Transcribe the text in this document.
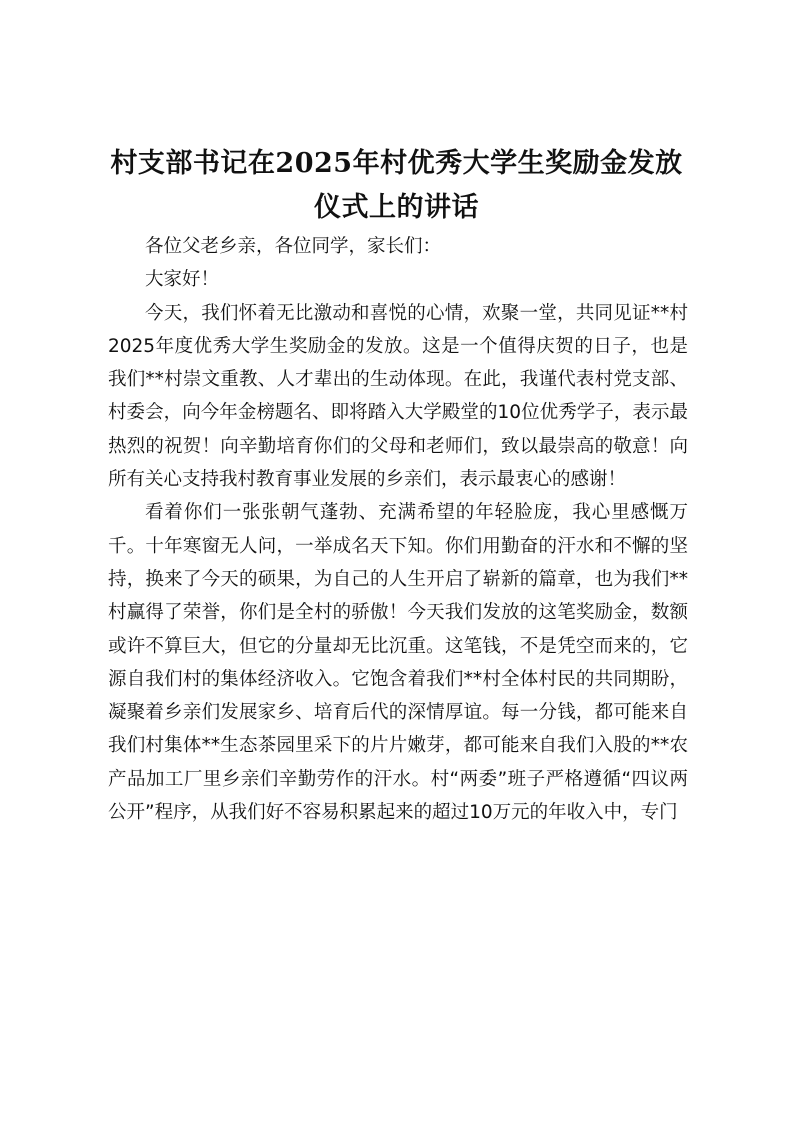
村支部书记在2025年村优秀大学生奖励金发放仪式上的讲话

各位父老乡亲，各位同学，家长们：

大家好！

今天，我们怀着无比激动和喜悦的心情，欢聚一堂，共同见证**村2025年度优秀大学生奖励金的发放。这是一个值得庆贺的日子，也是我们**村崇文重教、人才辈出的生动体现。在此，我谨代表村党支部、村委会，向今年金榜题名、即将踏入大学殿堂的10位优秀学子，表示最热烈的祝贺！向辛勤培育你们的父母和老师们，致以最崇高的敬意！向所有关心支持我村教育事业发展的乡亲们，表示最衷心的感谢！

看着你们一张张朝气蓬勃、充满希望的年轻脸庞，我心里感慨万千。十年寒窗无人问，一举成名天下知。你们用勤奋的汗水和不懈的坚持，换来了今天的硕果，为自己的人生开启了崭新的篇章，也为我们**村赢得了荣誉，你们是全村的骄傲！今天我们发放的这笔奖励金，数额或许不算巨大，但它的分量却无比沉重。这笔钱，不是凭空而来的，它源自我们村的集体经济收入。它饱含着我们**村全体村民的共同期盼，凝聚着乡亲们发展家乡、培育后代的深情厚谊。每一分钱，都可能来自我们村集体**生态茶园里采下的片片嫩芽，都可能来自我们入股的**农产品加工厂里乡亲们辛勤劳作的汗水。村“两委”班子严格遵循“四议两公开”程序，从我们好不容易积累起来的超过10万元的年收入中，专门
